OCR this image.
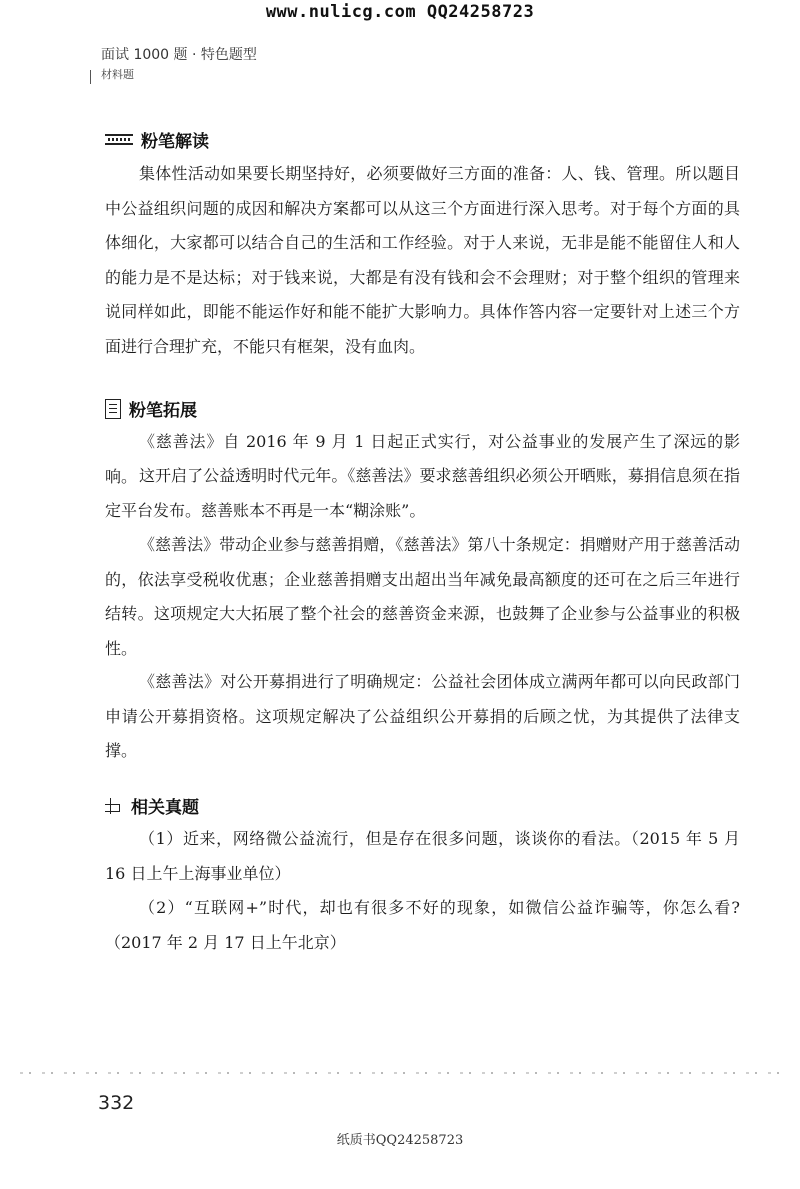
www.nulicg.com QQ24258723
面试 1000 题 · 特色题型
材料题
粉笔解读
集体性活动如果要长期坚持好，必须要做好三方面的准备：人、钱、管理。所以题目中公益组织问题的成因和解决方案都可以从这三个方面进行深入思考。对于每个方面的具体细化，大家都可以结合自己的生活和工作经验。对于人来说，无非是能不能留住人和人的能力是不是达标；对于钱来说，大都是有没有钱和会不会理财；对于整个组织的管理来说同样如此，即能不能运作好和能不能扩大影响力。具体作答内容一定要针对上述三个方面进行合理扩充，不能只有框架，没有血肉。
粉笔拓展
《慈善法》自 2016 年 9 月 1 日起正式实行，对公益事业的发展产生了深远的影响。 这开启了公益透明时代元年。《慈善法》要求慈善组织必须公开晒账，募捐信息须在指定平台发布。慈善账本不再是一本“糊涂账”。
《慈善法》带动企业参与慈善捐赠，《慈善法》第八十条规定：捐赠财产用于慈善活动的，依法享受税收优惠；企业慈善捐赠支出超出当年减免最高额度的还可在之后三年进行结转。这项规定大大拓展了整个社会的慈善资金来源，也鼓舞了企业参与公益事业的积极性。
《慈善法》对公开募捐进行了明确规定：公益社会团体成立满两年都可以向民政部门申请公开募捐资格。这项规定解决了公益组织公开募捐的后顾之忧，为其提供了法律支撑。
相关真题
（1）近来，网络微公益流行，但是存在很多问题，谈谈你的看法。（2015 年 5 月 16 日上午上海事业单位）
（2）“互联网+”时代，却也有很多不好的现象，如微信公益诈骗等，你怎么看?（2017 年 2 月 17 日上午北京）
332
纸质书QQ24258723
